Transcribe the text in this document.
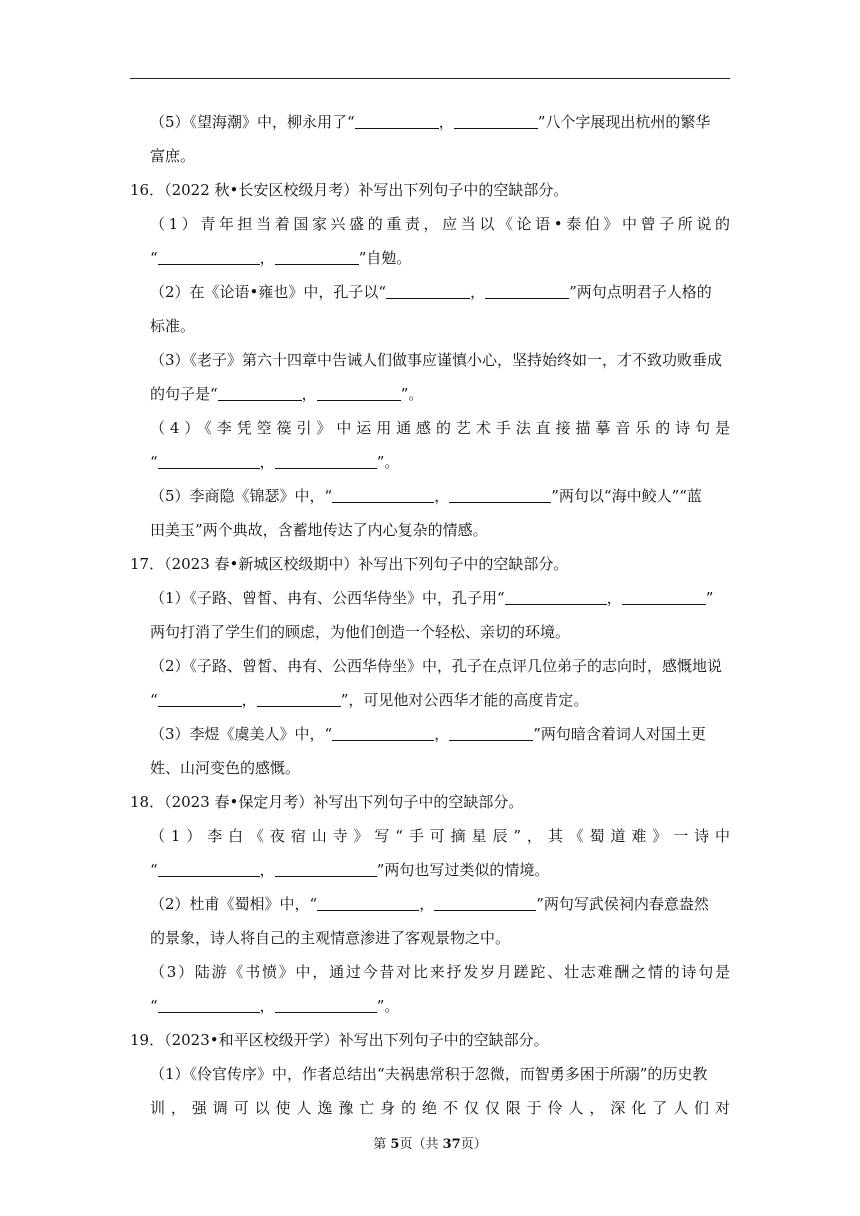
（5）《望海潮》中，柳永用了“	，	”八个字展现出杭州的繁华
富庶。
16．（2022 秋•长安区校级月考）补写出下列句子中的空缺部分。
（1）青年担当着国家兴盛的重责，应当以《论语•泰伯》中曾子所说的
“	，	”自勉。
（2）在《论语•雍也》中，孔子以“	，	”两句点明君子人格的
标准。
（3）《老子》第六十四章中告诫人们做事应谨慎小心，坚持始终如一，才不致功败垂成
的句子是“	，	”。
（4）《李凭箜篌引》中运用通感的艺术手法直接描摹音乐的诗句是
“	，	”。
（5）李商隐《锦瑟》中，“	，	”两句以“海中鲛人”“蓝
田美玉”两个典故，含蓄地传达了内心复杂的情感。
17．（2023 春•新城区校级期中）补写出下列句子中的空缺部分。
（1）《子路、曾皙、冉有、公西华侍坐》中，孔子用“	，	”
两句打消了学生们的顾虑，为他们创造一个轻松、亲切的环境。
（2）《子路、曾皙、冉有、公西华侍坐》中，孔子在点评几位弟子的志向时，感慨地说
“	，	”，可见他对公西华才能的高度肯定。
（3）李煜《虞美人》中，“	，	”两句暗含着词人对国土更
姓、山河变色的感慨。
18．（2023 春•保定月考）补写出下列句子中的空缺部分。
（1）李白《夜宿山寺》写“手可摘星辰”，其《蜀道难》一诗中
“	，	”两句也写过类似的情境。
（2）杜甫《蜀相》中，“	，	”两句写武侯祠内春意盎然
的景象，诗人将自己的主观情意渗进了客观景物之中。
（3）陆游《书愤》中，通过今昔对比来抒发岁月蹉跎、壮志难酬之情的诗句是
“	，	”。
19．（2023•和平区校级开学）补写出下列句子中的空缺部分。
（1）《伶官传序》中，作者总结出“夫祸患常积于忽微，而智勇多困于所溺”的历史教
训，强调可以使人逸豫亡身的绝不仅仅限于伶人，深化了人们对
第 5页（共 37页）
